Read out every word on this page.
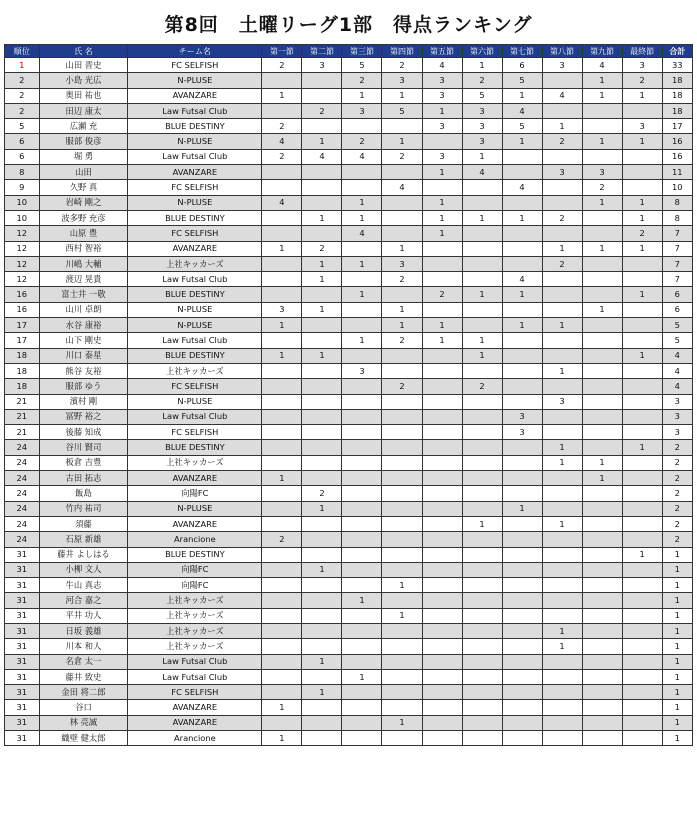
第8回　土曜リーグ1部　得点ランキング
順位	氏 名	チーム名	第一節	第二節	第三節	第四節	第五節	第六節	第七節	第八節	第九節	最終節	合計
1	山田 晋史	FC SELFISH	2	3	5	2	4	1	6	3	4	3	33
2	小島 光広	N-PLUSE			2	3	3	2	5		1	2	18
2	奥田 祐也	AVANZARE	1		1	1	3	5	1	4	1	1	18
2	田辺 康太	Law Futsal Club		2	3	5	1	3	4				18
5	広瀬 充	BLUE DESTINY	2				3	3	5	1		3	17
6	服部 俊彦	N-PLUSE	4	1	2	1		3	1	2	1	1	16
6	堀 勇	Law Futsal Club	2	4	4	2	3	1					16
8	山田	AVANZARE					1	4		3	3		11
9	久野 真	FC SELFISH				4			4		2		10
10	岩崎 剛之	N-PLUSE	4		1		1				1	1	8
10	波多野 充彦	BLUE DESTINY		1	1		1	1	1	2		1	8
12	山原 豊	FC SELFISH			4		1					2	7
12	西村 智裕	AVANZARE	1	2		1				1	1	1	7
12	川嶋 大輔	上社キッカーズ		1	1	3				2			7
12	渡辺 晃貴	Law Futsal Club		1		2			4				7
16	富士井 一敬	BLUE DESTINY			1		2	1	1			1	6
16	山川 卓朗	N-PLUSE	3	1		1					1		6
17	水谷 康裕	N-PLUSE	1			1	1		1	1			5
17	山下 剛史	Law Futsal Club			1	2	1	1					5
18	川口 泰星	BLUE DESTINY	1	1				1				1	4
18	熊谷 友裕	上社キッカーズ			3					1			4
18	服部 ゆう	FC SELFISH				2		2					4
21	濱村 剛	N-PLUSE								3			3
21	冨野 裕之	Law Futsal Club							3				3
21	後藤 知成	FC SELFISH							3				3
24	谷川 賢司	BLUE DESTINY								1		1	2
24	板倉 吉豊	上社キッカーズ								1	1		2
24	古田 拓志	AVANZARE	1								1		2
24	飯島	向陽FC		2									2
24	竹内 祐司	N-PLUSE		1					1				2
24	須藤	AVANZARE						1		1			2
24	石原 新雄	Arancione	2										2
31	藤井 よしはる	BLUE DESTINY										1	1
31	小柳 文人	向陽FC		1									1
31	牛山 真志	向陽FC				1							1
31	河合 嘉之	上社キッカーズ			1								1
31	平井 功人	上社キッカーズ				1							1
31	日坂 義雄	上社キッカーズ								1			1
31	川本 和人	上社キッカーズ								1			1
31	名倉 太一	Law Futsal Club		1									1
31	藤井 致史	Law Futsal Club			1								1
31	金田 将二郎	FC SELFISH		1									1
31	谷口	AVANZARE	1										1
31	林 亮誠	AVANZARE				1							1
31	織壁 健太郎	Arancione	1										1
